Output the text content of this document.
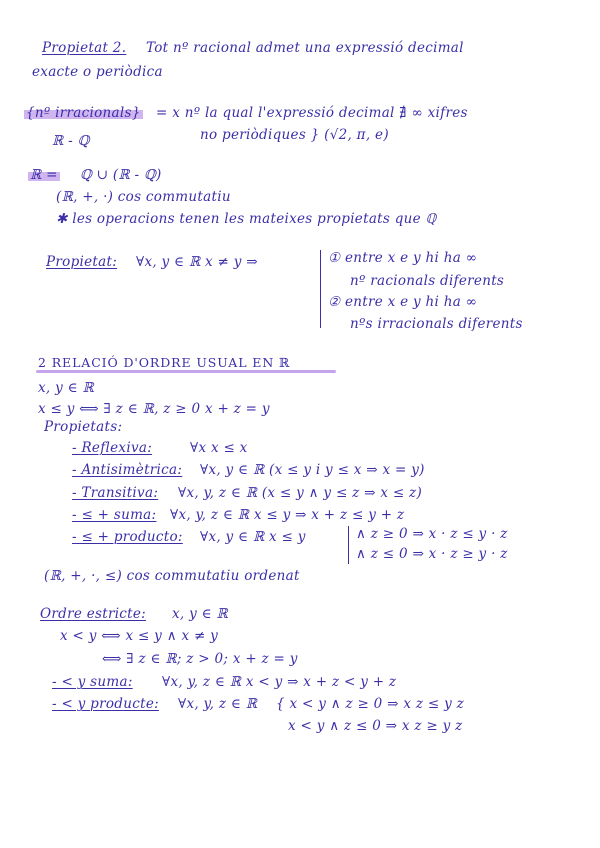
Propietat 2. Tot nº racional admet una expressió decimal
exacte o periòdica
{nº irracionals} = x nº la qual l'expressió decimal ∄ ∞ xifres
ℝ - ℚ	no periòdiques } (√2, π, e)
ℝ = ℚ ∪ (ℝ - ℚ)
(ℝ, +, ·) cos commutatiu
✱ les operacions tenen les mateixes propietats que ℚ
Propietat: ∀x, y ∈ ℝ x ≠ y ⇒	① entre x e y hi ha ∞
nº racionals diferents
② entre x e y hi ha ∞
nºs irracionals diferents
2 RELACIÓ D'ORDRE USUAL EN ℝ
x, y ∈ ℝ
x ≤ y ⟺ ∃ z ∈ ℝ, z ≥ 0 x + z = y
Propietats:
- Reflexiva:	∀x x ≤ x
- Antisimètrica: ∀x, y ∈ ℝ (x ≤ y i y ≤ x ⇒ x = y)
- Transitiva: ∀x, y, z ∈ ℝ (x ≤ y ∧ y ≤ z ⇒ x ≤ z)
- ≤ + suma: ∀x, y, z ∈ ℝ x ≤ y ⇒ x + z ≤ y + z
- ≤ + producto: ∀x, y ∈ ℝ x ≤ y	∧ z ≥ 0 ⇒ x · z ≤ y · z
∧ z ≤ 0 ⇒ x · z ≥ y · z
(ℝ, +, ·, ≤) cos commutatiu ordenat
Ordre estricte: x, y ∈ ℝ
x < y ⟺ x ≤ y ∧ x ≠ y
⟺ ∃ z ∈ ℝ; z > 0; x + z = y
- < y suma: ∀x, y, z ∈ ℝ x < y ⇒ x + z < y + z
- < y producte: ∀x, y, z ∈ ℝ { x < y ∧ z ≥ 0 ⇒ x z ≤ y z
x < y ∧ z ≤ 0 ⇒ x z ≥ y z
